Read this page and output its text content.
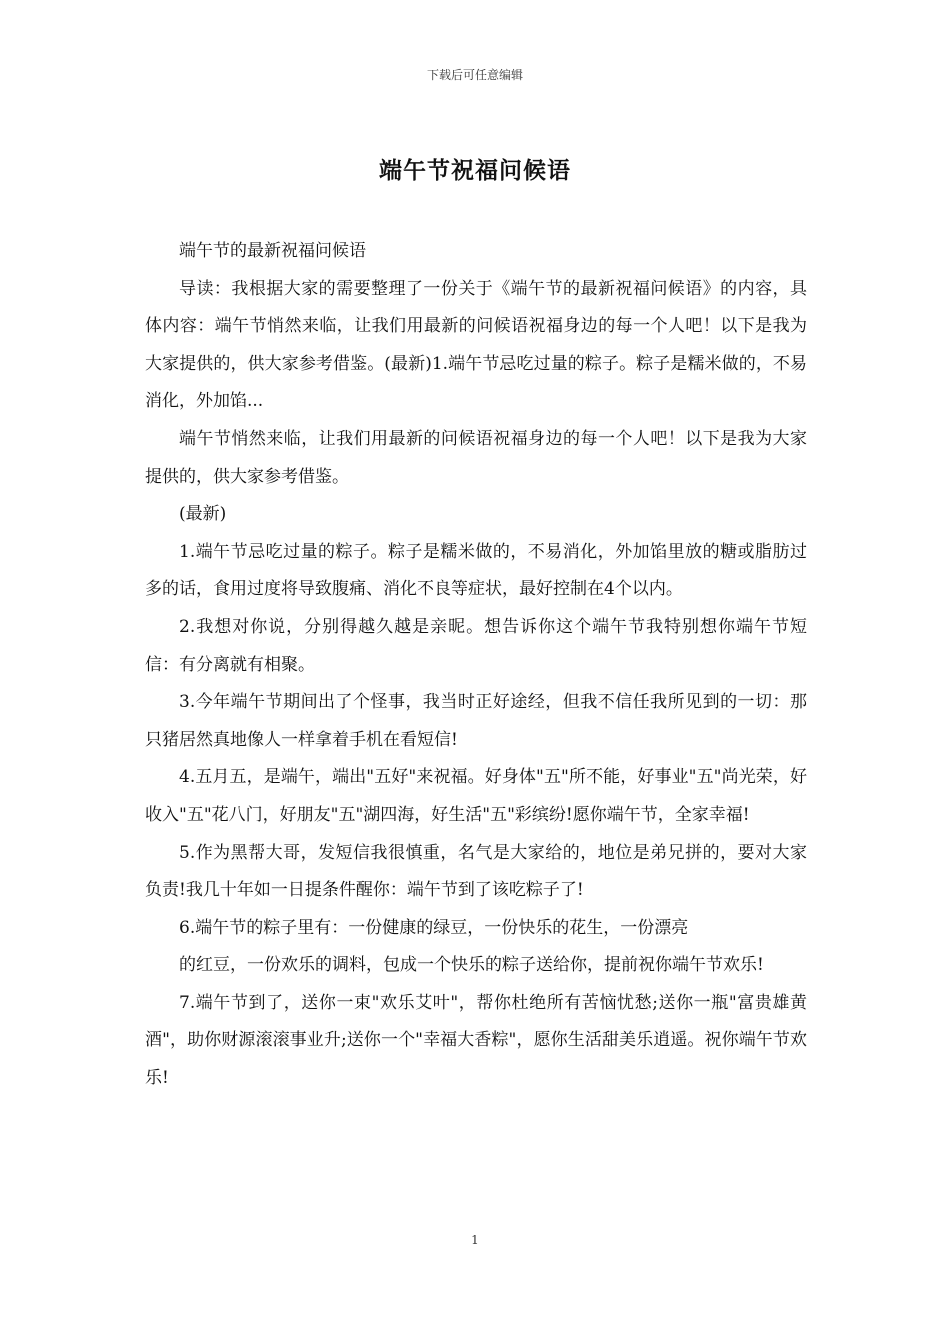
下载后可任意编辑
端午节祝福问候语

端午节的最新祝福问候语

导读：我根据大家的需要整理了一份关于《端午节的最新祝福问候语》的内容，具体内容：端午节悄然来临，让我们用最新的问候语祝福身边的每一个人吧！以下是我为大家提供的，供大家参考借鉴。(最新)1.端午节忌吃过量的粽子。粽子是糯米做的，不易消化，外加馅...

端午节悄然来临，让我们用最新的问候语祝福身边的每一个人吧！以下是我为大家提供的，供大家参考借鉴。

(最新)

1.端午节忌吃过量的粽子。粽子是糯米做的，不易消化，外加馅里放的糖或脂肪过多的话，食用过度将导致腹痛、消化不良等症状，最好控制在4个以内。

2.我想对你说，分别得越久越是亲昵。想告诉你这个端午节我特别想你端午节短信：有分离就有相聚。

3.今年端午节期间出了个怪事，我当时正好途经，但我不信任我所见到的一切：那只猪居然真地像人一样拿着手机在看短信!

4.五月五，是端午，端出"五好"来祝福。好身体"五"所不能，好事业"五"尚光荣，好收入"五"花八门，好朋友"五"湖四海，好生活"五"彩缤纷!愿你端午节，全家幸福!

5.作为黑帮大哥，发短信我很慎重，名气是大家给的，地位是弟兄拼的，要对大家负责!我几十年如一日提条件醒你：端午节到了该吃粽子了!

6.端午节的粽子里有：一份健康的绿豆，一份快乐的花生，一份漂亮

的红豆，一份欢乐的调料，包成一个快乐的粽子送给你，提前祝你端午节欢乐!

7.端午节到了，送你一束"欢乐艾叶"，帮你杜绝所有苦恼忧愁;送你一瓶"富贵雄黄酒"，助你财源滚滚事业升;送你一个"幸福大香粽"，愿你生活甜美乐逍遥。祝你端午节欢乐!

1
